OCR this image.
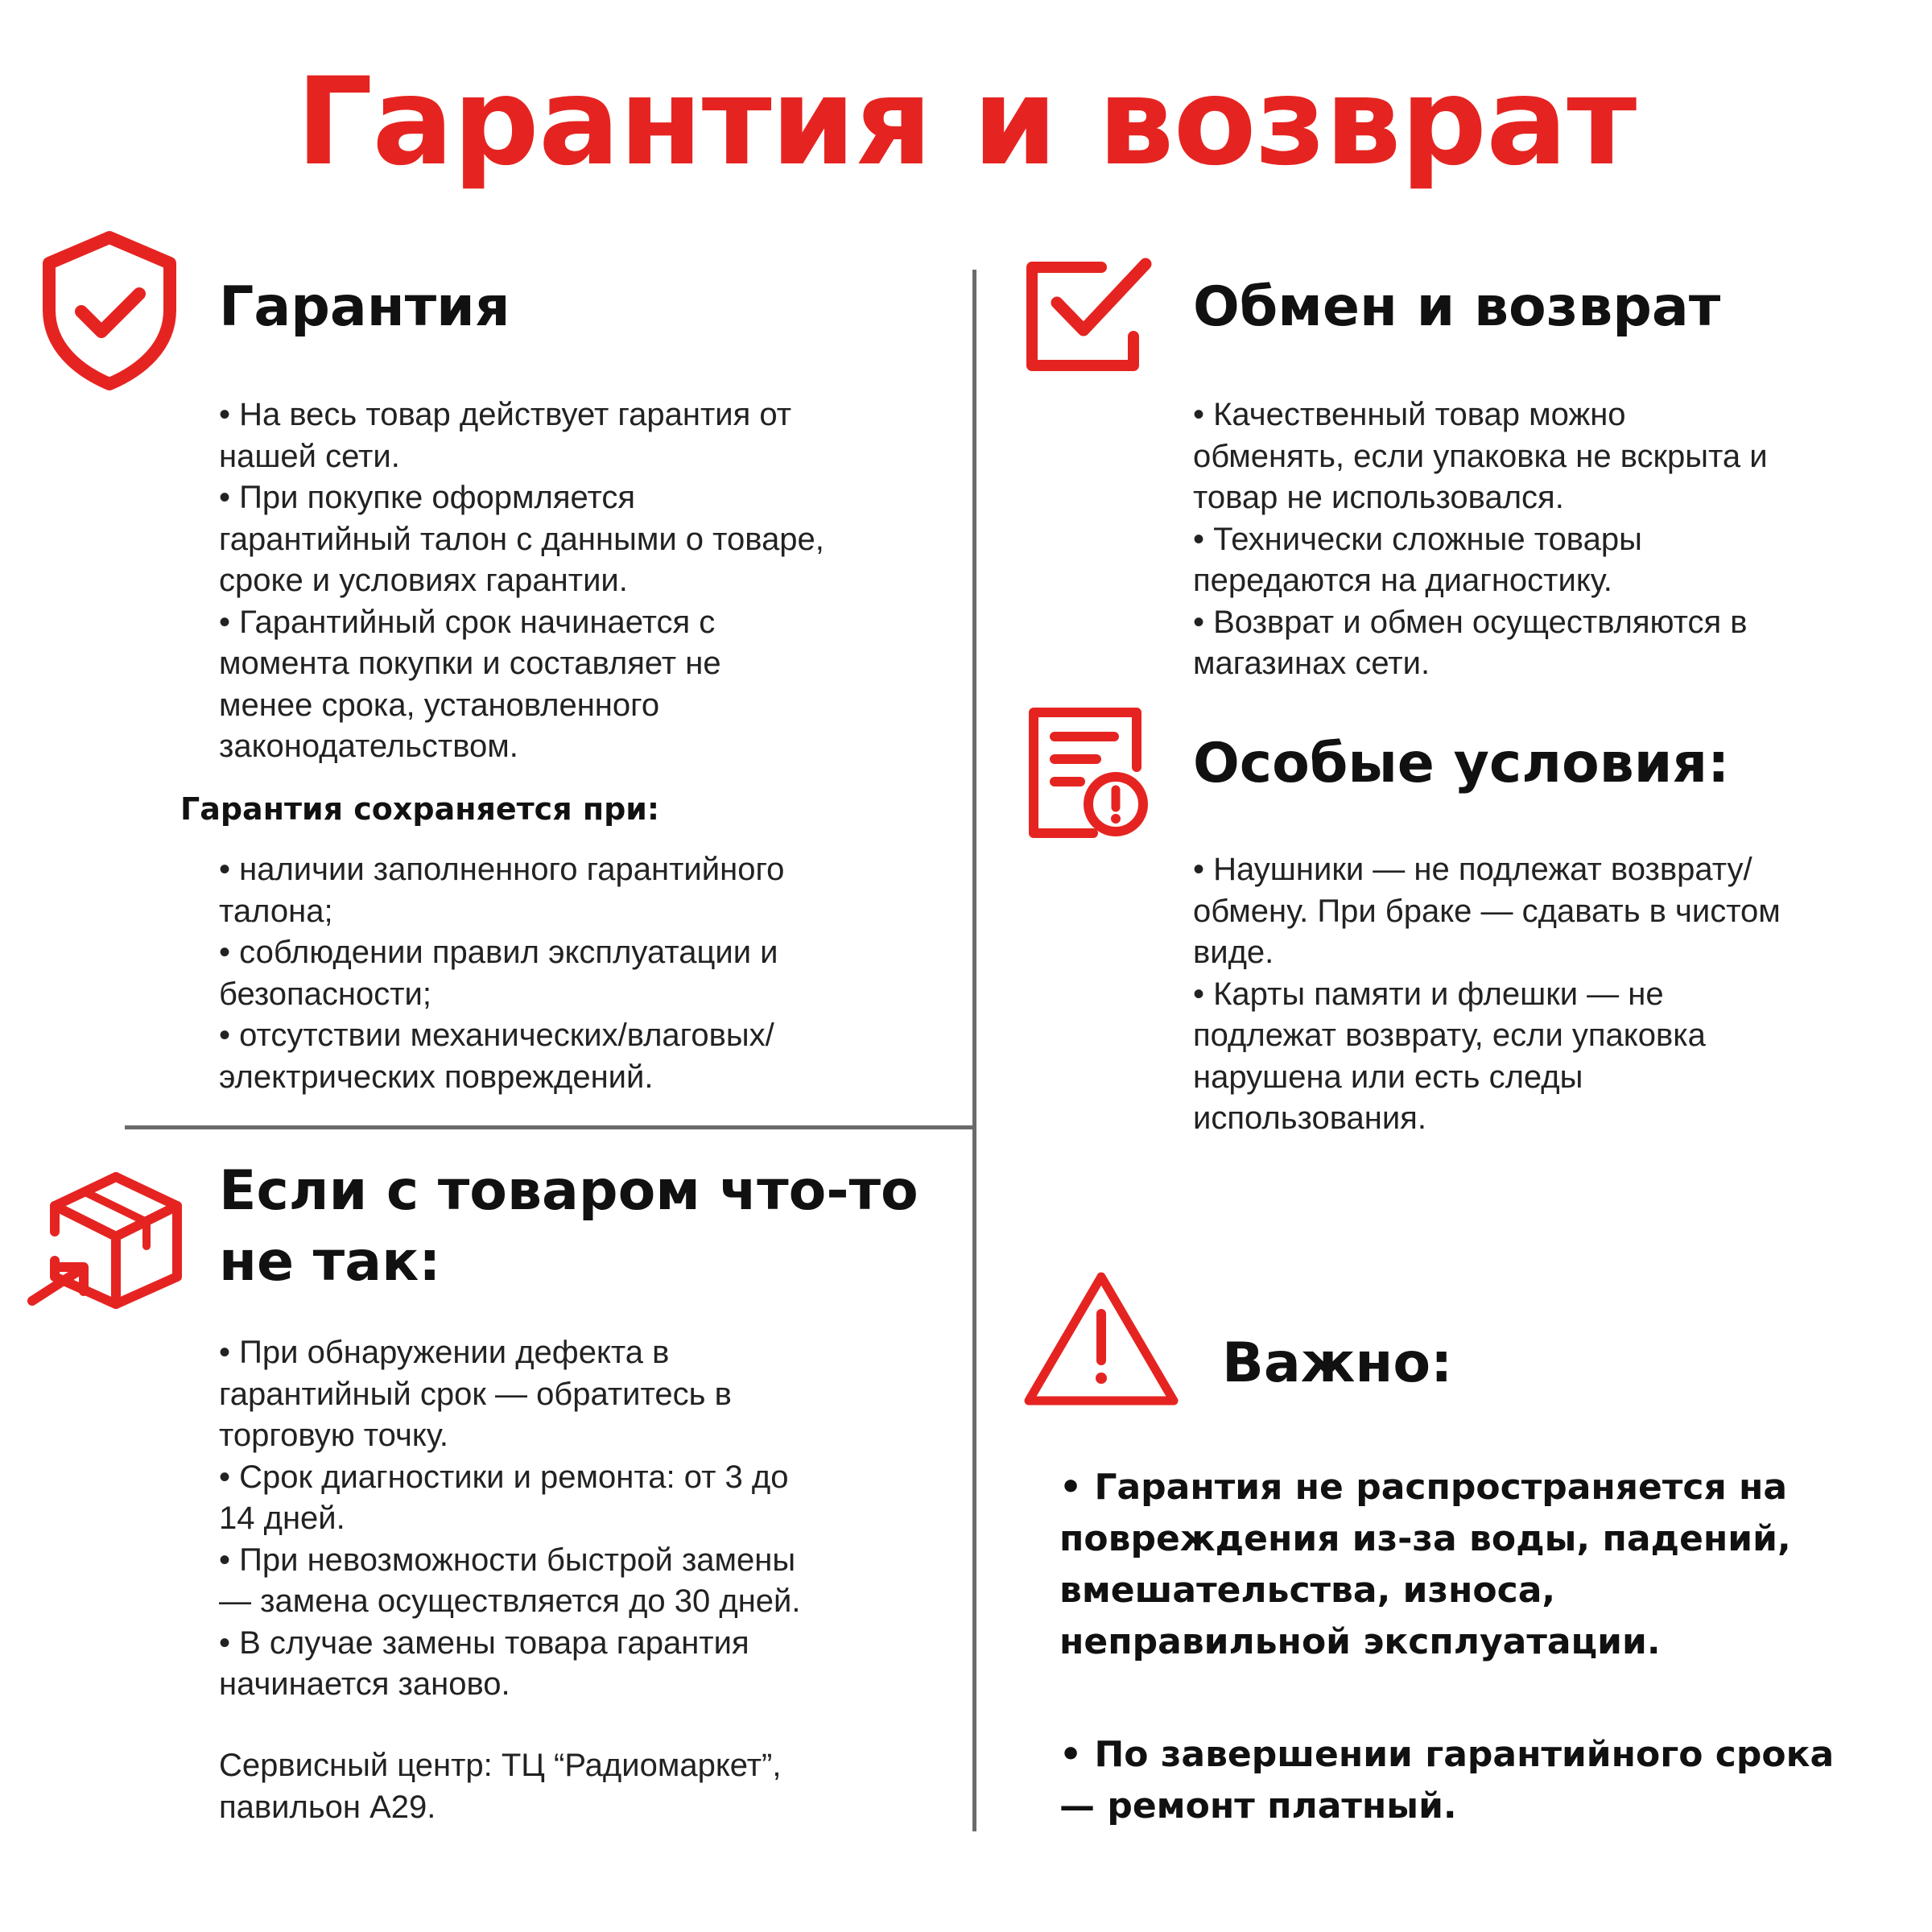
Гарантия и возврат
Гарантия
• На весь товар действует гарантия от
нашей сети.
• При покупке оформляется
гарантийный талон с данными о товаре,
сроке и условиях гарантии.
• Гарантийный срок начинается с
момента покупки и составляет не
менее срока, установленного
законодательством.
Гарантия сохраняется при:
• наличии заполненного гарантийного
талона;
• соблюдении правил эксплуатации и
безопасности;
• отсутствии механических/влаговых/
электрических повреждений.
Обмен и возврат
• Качественный товар можно
обменять, если упаковка не вскрыта и
товар не использовался.
• Технически сложные товары
передаются на диагностику.
• Возврат и обмен осуществляются в
магазинах сети.
Особые условия:
• Наушники — не подлежат возврату/
обмену. При браке — сдавать в чистом
виде.
• Карты памяти и флешки — не
подлежат возврату, если упаковка
нарушена или есть следы
использования.
Если с товаром что-то
не так:
• При обнаружении дефекта в
гарантийный срок — обратитесь в
торговую точку.
• Срок диагностики и ремонта: от 3 до
14 дней.
• При невозможности быстрой замены
— замена осуществляется до 30 дней.
• В случае замены товара гарантия
начинается заново.
Сервисный центр: ТЦ “Радиомаркет”,
павильон А29.
Важно:
• Гарантия не распространяется на
повреждения из-за воды, падений,
вмешательства, износа,
неправильной эксплуатации.
• По завершении гарантийного срока
— ремонт платный.
